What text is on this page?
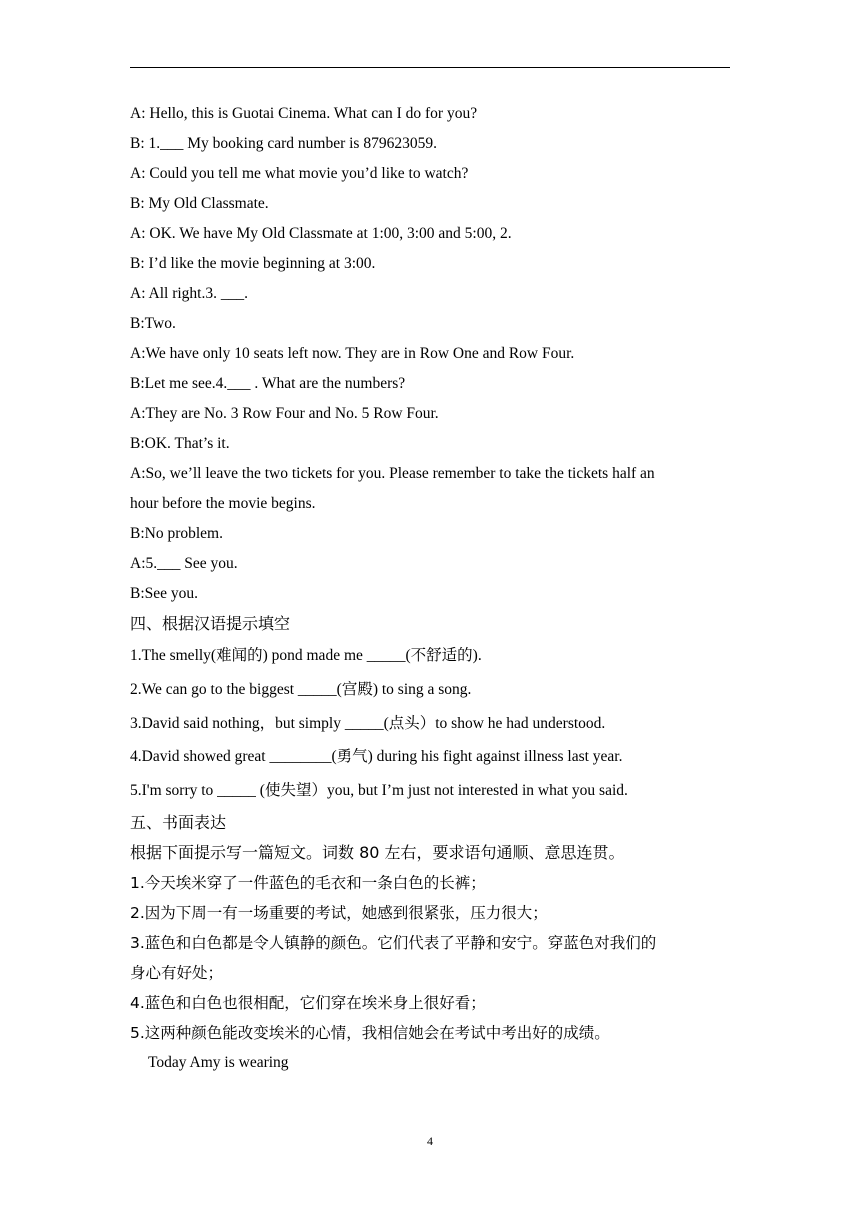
A: Hello, this is Guotai Cinema. What can I do for you?
B: 1.___ My booking card number is 879623059.
A: Could you tell me what movie you’d like to watch?
B: My Old Classmate.
A: OK. We have My Old Classmate at 1:00, 3:00 and 5:00, 2.
B: I’d like the movie beginning at 3:00.
A: All right.3. ___.
B:Two.
A:We have only 10 seats left now. They are in Row One and Row Four.
B:Let me see.4.___ . What are the numbers?
A:They are No. 3 Row Four and No. 5 Row Four.
B:OK. That’s it.
A:So, we’ll leave the two tickets for you. Please remember to take the tickets half an
hour before the movie begins.
B:No problem.
A:5.___ See you.
B:See you.
四、根据汉语提示填空
1.The smelly(难闻的) pond made me _____(不舒适的).
2.We can go to the biggest _____(宫殿) to sing a song.
3.David said nothing，but simply _____(点头）to show he had understood.
4.David showed great ________(勇气) during his fight against illness last year.
5.I'm sorry to _____ (使失望）you, but I’m just not interested in what you said.
五、书面表达
根据下面提示写一篇短文。词数 80 左右，要求语句通顺、意思连贯。
1.今天埃米穿了一件蓝色的毛衣和一条白色的长裤；
2.因为下周一有一场重要的考试，她感到很紧张，压力很大；
3.蓝色和白色都是令人镇静的颜色。它们代表了平静和安宁。穿蓝色对我们的
身心有好处；
4.蓝色和白色也很相配，它们穿在埃米身上很好看；
5.这两种颜色能改变埃米的心情，我相信她会在考试中考出好的成绩。
Today Amy is wearing
4
